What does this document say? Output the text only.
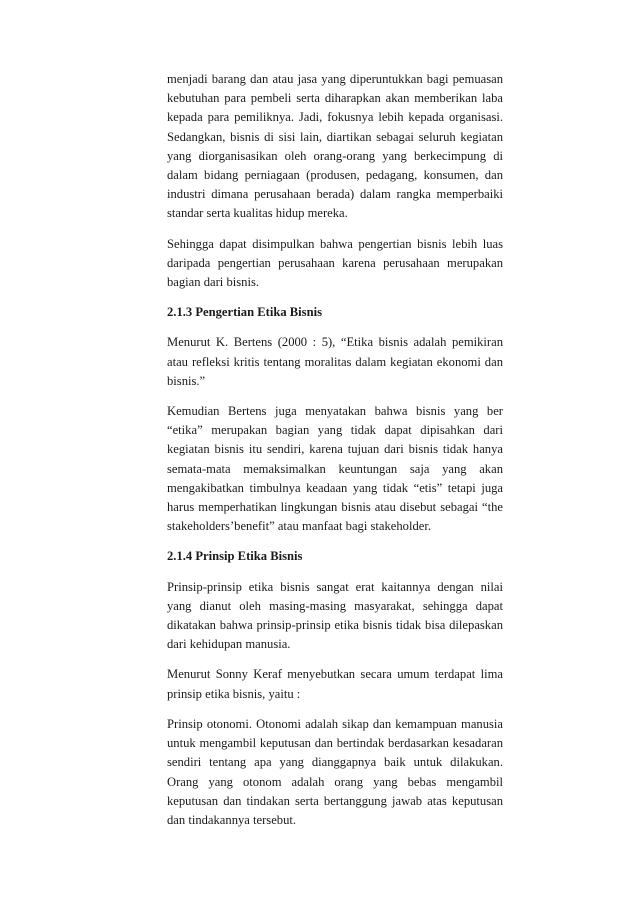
menjadi barang dan atau jasa yang diperuntukkan bagi pemuasan kebutuhan para pembeli serta diharapkan akan memberikan laba kepada para pemiliknya. Jadi, fokusnya lebih kepada organisasi. Sedangkan, bisnis di sisi lain, diartikan sebagai seluruh kegiatan yang diorganisasikan oleh orang-orang yang berkecimpung di dalam bidang perniagaan (produsen, pedagang, konsumen, dan industri dimana perusahaan berada) dalam rangka memperbaiki standar serta kualitas hidup mereka.

Sehingga dapat disimpulkan bahwa pengertian bisnis lebih luas daripada pengertian perusahaan karena perusahaan merupakan bagian dari bisnis.

2.1.3 Pengertian Etika Bisnis

Menurut K. Bertens (2000 : 5), “Etika bisnis adalah pemikiran atau refleksi kritis tentang moralitas dalam kegiatan ekonomi dan bisnis.”

Kemudian Bertens juga menyatakan bahwa bisnis yang ber “etika” merupakan bagian yang tidak dapat dipisahkan dari kegiatan bisnis itu sendiri, karena tujuan dari bisnis tidak hanya semata-mata memaksimalkan keuntungan saja yang akan mengakibatkan timbulnya keadaan yang tidak “etis” tetapi juga harus memperhatikan lingkungan bisnis atau disebut sebagai “the stakeholders’benefit” atau manfaat bagi stakeholder.

2.1.4 Prinsip Etika Bisnis

Prinsip-prinsip etika bisnis sangat erat kaitannya dengan nilai yang dianut oleh masing-masing masyarakat, sehingga dapat dikatakan bahwa prinsip-prinsip etika bisnis tidak bisa dilepaskan dari kehidupan manusia.

Menurut Sonny Keraf menyebutkan secara umum terdapat lima prinsip etika bisnis, yaitu :

Prinsip otonomi. Otonomi adalah sikap dan kemampuan manusia untuk mengambil keputusan dan bertindak berdasarkan kesadaran sendiri tentang apa yang dianggapnya baik untuk dilakukan. Orang yang otonom adalah orang yang bebas mengambil keputusan dan tindakan serta bertanggung jawab atas keputusan dan tindakannya tersebut.
